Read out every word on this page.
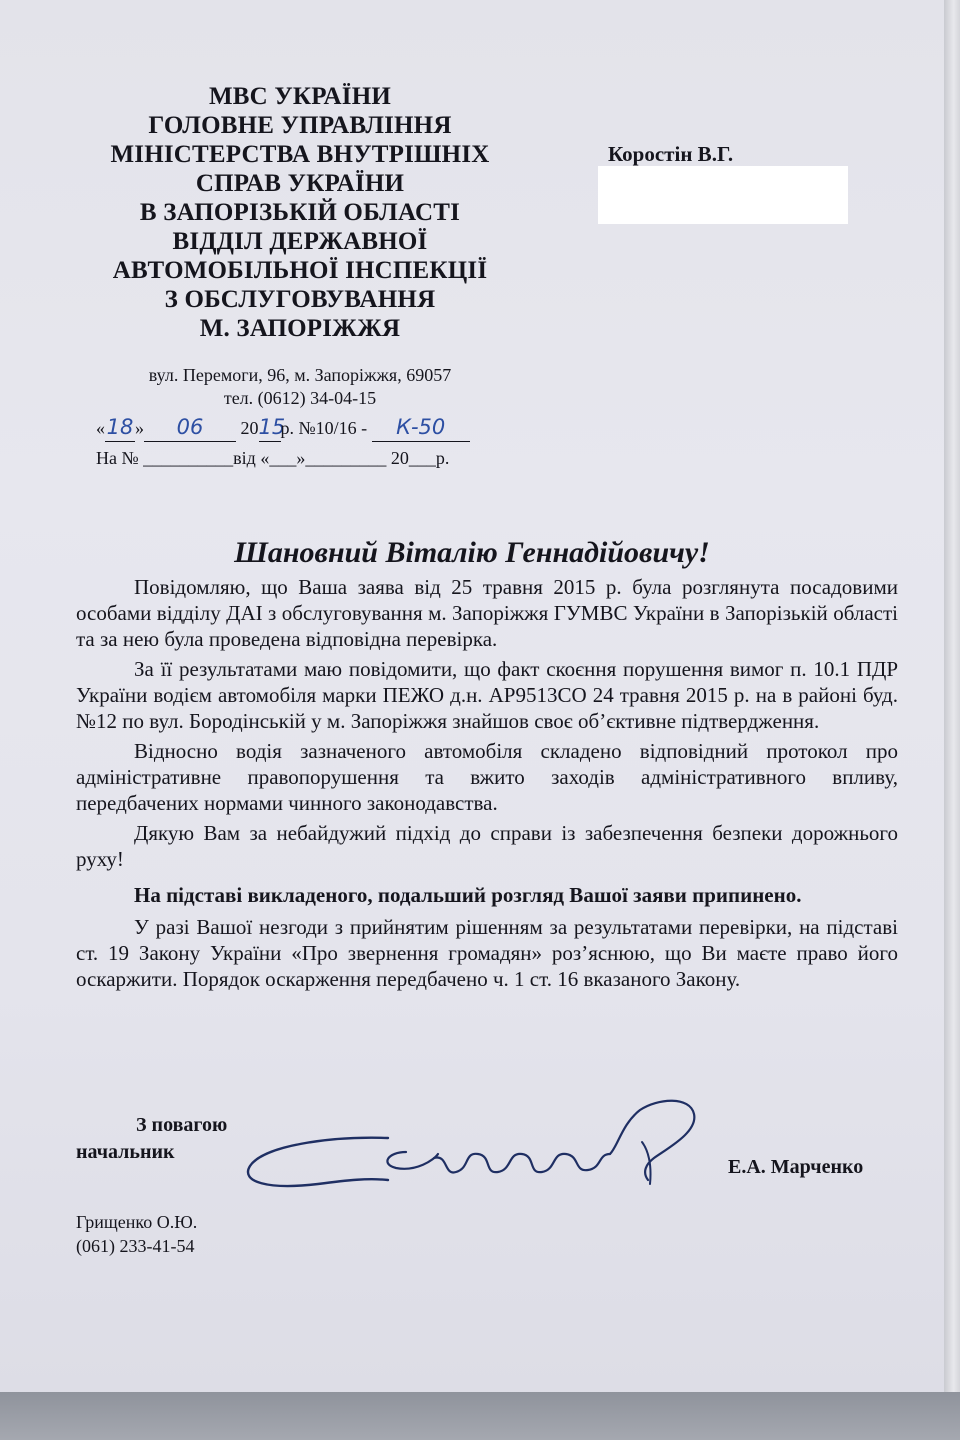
МВС УКРАЇНИ
ГОЛОВНЕ УПРАВЛІННЯ
МІНІСТЕРСТВА ВНУТРІШНІХ
СПРАВ УКРАЇНИ
В ЗАПОРІЗЬКІЙ ОБЛАСТІ
ВІДДІЛ ДЕРЖАВНОЇ
АВТОМОБІЛЬНОЇ ІНСПЕКЦІЇ
З ОБСЛУГОВУВАННЯ
М. ЗАПОРІЖЖЯ
вул. Перемоги, 96, м. Запоріжжя, 69057
тел. (0612) 34-04-15
Коростін В.Г.
«18» 06 2015р. №10/16 - К-50
На № __________від «___»_________ 20___р.
Шановний Віталію Геннадійовичу!

Повідомляю, що Ваша заява від 25 травня 2015 р. була розглянута посадовими особами відділу ДАІ з обслуговування м. Запоріжжя ГУМВС України в Запорізькій області та за нею була проведена відповідна перевірка.

За її результатами маю повідомити, що факт скоєння порушення вимог п. 10.1 ПДР України водієм автомобіля марки ПЕЖО д.н. АР9513СО 24 травня 2015 р. на в районі буд. №12 по вул. Бородінській у м. Запоріжжя знайшов своє об’єктивне підтвердження.

Відносно водія зазначеного автомобіля складено відповідний протокол про адміністративне правопорушення та вжито заходів адміністративного впливу, передбачених нормами чинного законодавства.

Дякую Вам за небайдужий підхід до справи із забезпечення безпеки дорожнього руху!

На підставі викладеного, подальший розгляд Вашої заяви припинено.

У разі Вашої незгоди з прийнятим рішенням за результатами перевірки, на підставі ст. 19 Закону України «Про звернення громадян» роз’яснюю, що Ви маєте право його оскаржити. Порядок оскарження передбачено ч. 1 ст. 16 вказаного Закону.

З повагою
начальник
Е.А. Марченко
Грищенко О.Ю.
(061) 233-41-54
